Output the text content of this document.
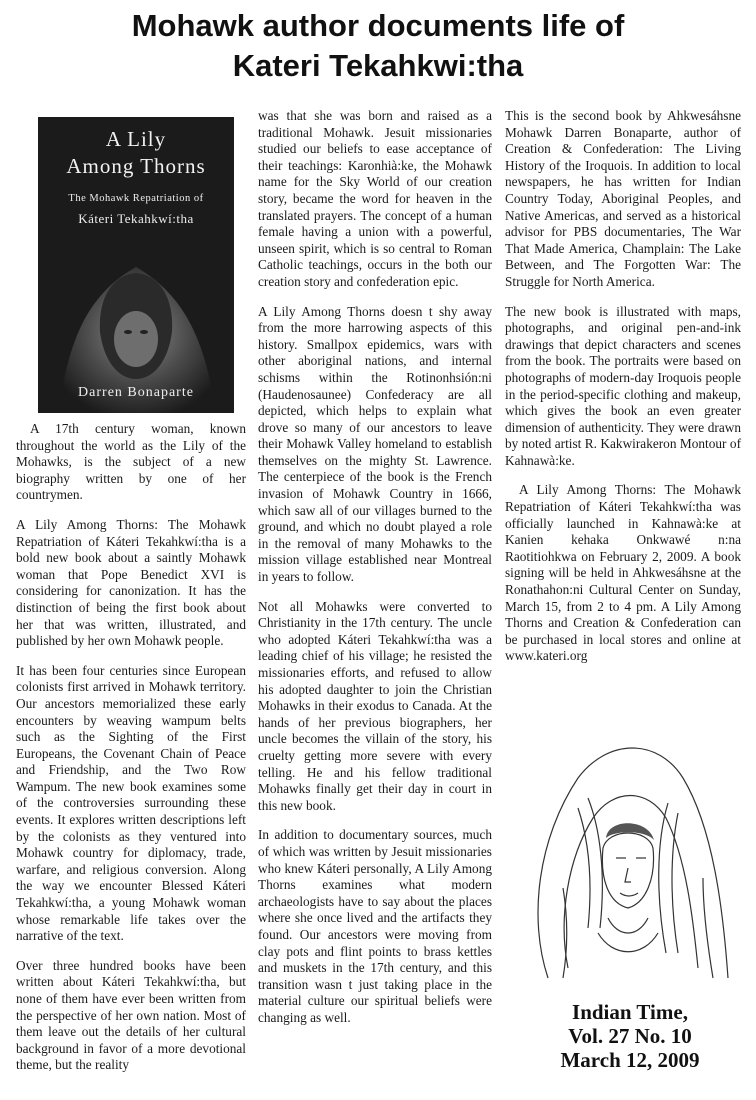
Mohawk author documents life of
Kateri Tekahkwi:tha
A Lily
Among Thorns
The Mohawk Repatriation of
Káteri Tekahkwí:tha
Darren Bonaparte

A 17th century woman, known throughout the world as the Lily of the Mohawks, is the subject of a new biography written by one of her countrymen.

A Lily Among Thorns: The Mohawk Repatriation of Káteri Tekahkwí:tha is a bold new book about a saintly Mohawk woman that Pope Benedict XVI is considering for canonization. It has the distinction of being the first book about her that was written, illustrated, and published by her own Mohawk people.

It has been four centuries since European colonists first arrived in Mohawk territory. Our ancestors memorialized these early encounters by weaving wampum belts such as the Sighting of the First Europeans, the Covenant Chain of Peace and Friendship, and the Two Row Wampum. The new book examines some of the controversies surrounding these events. It explores written descriptions left by the colonists as they ventured into Mohawk country for diplomacy, trade, warfare, and religious conversion. Along the way we encounter Blessed Káteri Tekahkwí:tha, a young Mohawk woman whose remarkable life takes over the narrative of the text.

Over three hundred books have been written about Káteri Tekahkwí:tha, but none of them have ever been written from the perspective of her own nation. Most of them leave out the details of her cultural background in favor of a more devotional theme, but the reality

was that she was born and raised as a traditional Mohawk. Jesuit missionaries studied our beliefs to ease acceptance of their teachings: Karonhià:ke, the Mohawk name for the Sky World of our creation story, became the word for heaven in the translated prayers. The concept of a human female having a union with a powerful, unseen spirit, which is so central to Roman Catholic teachings, occurs in the both our creation story and confederation epic.

A Lily Among Thorns doesn t shy away from the more harrowing aspects of this history. Smallpox epidemics, wars with other aboriginal nations, and internal schisms within the Rotinonhsión:ni (Haudenosaunee) Confederacy are all depicted, which helps to explain what drove so many of our ancestors to leave their Mohawk Valley homeland to establish themselves on the mighty St. Lawrence. The centerpiece of the book is the French invasion of Mohawk Country in 1666, which saw all of our villages burned to the ground, and which no doubt played a role in the removal of many Mohawks to the mission village established near Montreal in years to follow.

Not all Mohawks were converted to Christianity in the 17th century. The uncle who adopted Káteri Tekahkwí:tha was a leading chief of his village; he resisted the missionaries efforts, and refused to allow his adopted daughter to join the Christian Mohawks in their exodus to Canada. At the hands of her previous biographers, her uncle becomes the villain of the story, his cruelty getting more severe with every telling. He and his fellow traditional Mohawks finally get their day in court in this new book.

In addition to documentary sources, much of which was written by Jesuit missionaries who knew Káteri personally, A Lily Among Thorns examines what modern archaeologists have to say about the places where she once lived and the artifacts they found. Our ancestors were moving from clay pots and flint points to brass kettles and muskets in the 17th century, and this transition wasn t just taking place in the material culture our spiritual beliefs were changing as well.

This is the second book by Ahkwesáhsne Mohawk Darren Bonaparte, author of Creation & Confederation: The Living History of the Iroquois. In addition to local newspapers, he has written for Indian Country Today, Aboriginal Peoples, and Native Americas, and served as a historical advisor for PBS documentaries, The War That Made America, Champlain: The Lake Between, and The Forgotten War: The Struggle for North America.

The new book is illustrated with maps, photographs, and original pen-and-ink drawings that depict characters and scenes from the book. The portraits were based on photographs of modern-day Iroquois people in the period-specific clothing and makeup, which gives the book an even greater dimension of authenticity. They were drawn by noted artist R. Kakwirakeron Montour of Kahnawà:ke.

A Lily Among Thorns: The Mohawk Repatriation of Káteri Tekahkwí:tha was officially launched in Kahnawà:ke at Kanien kehaka Onkwawé n:na Raotitiohkwa on February 2, 2009. A book signing will be held in Ahkwesáhsne at the Ronathahon:ni Cultural Center on Sunday, March 15, from 2 to 4 pm. A Lily Among Thorns and Creation & Confederation can be purchased in local stores and online at www.kateri.org

Indian Time,
Vol. 27 No. 10
March 12, 2009
